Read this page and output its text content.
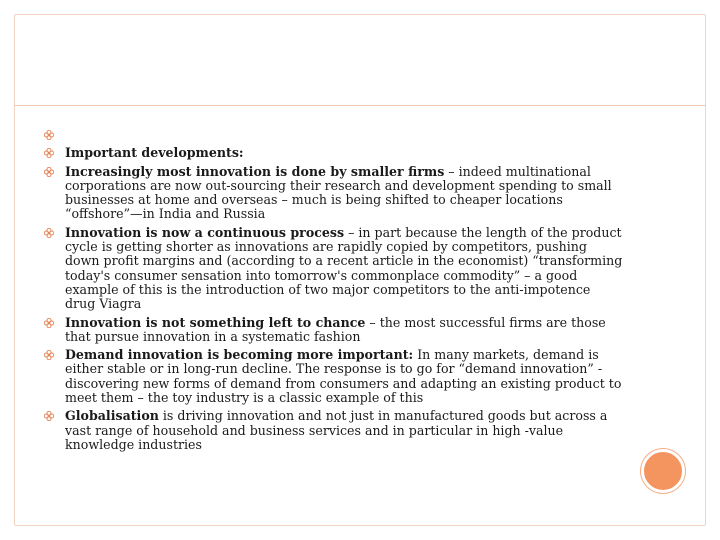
Important developments:
Increasingly most innovation is done by smaller firms – indeed multinational corporations are now out-sourcing their research and development spending to small businesses at home and overseas – much is being shifted to cheaper locations “offshore”—in India and Russia
Innovation is now a continuous process – in part because the length of the product cycle is getting shorter as innovations are rapidly copied by competitors, pushing down profit margins and (according to a recent article in the economist) “transforming today's consumer sensation into tomorrow's commonplace commodity” – a good example of this is the introduction of two major competitors to the anti-impotence drug Viagra
Innovation is not something left to chance – the most successful firms are those that pursue innovation in a systematic fashion
Demand innovation is becoming more important: In many markets, demand is either stable or in long-run decline. The response is to go for “demand innovation” - discovering new forms of demand from consumers and adapting an existing product to meet them – the toy industry is a classic example of this
Globalisation is driving innovation and not just in manufactured goods but across a vast range of household and business services and in particular in high -value knowledge industries
